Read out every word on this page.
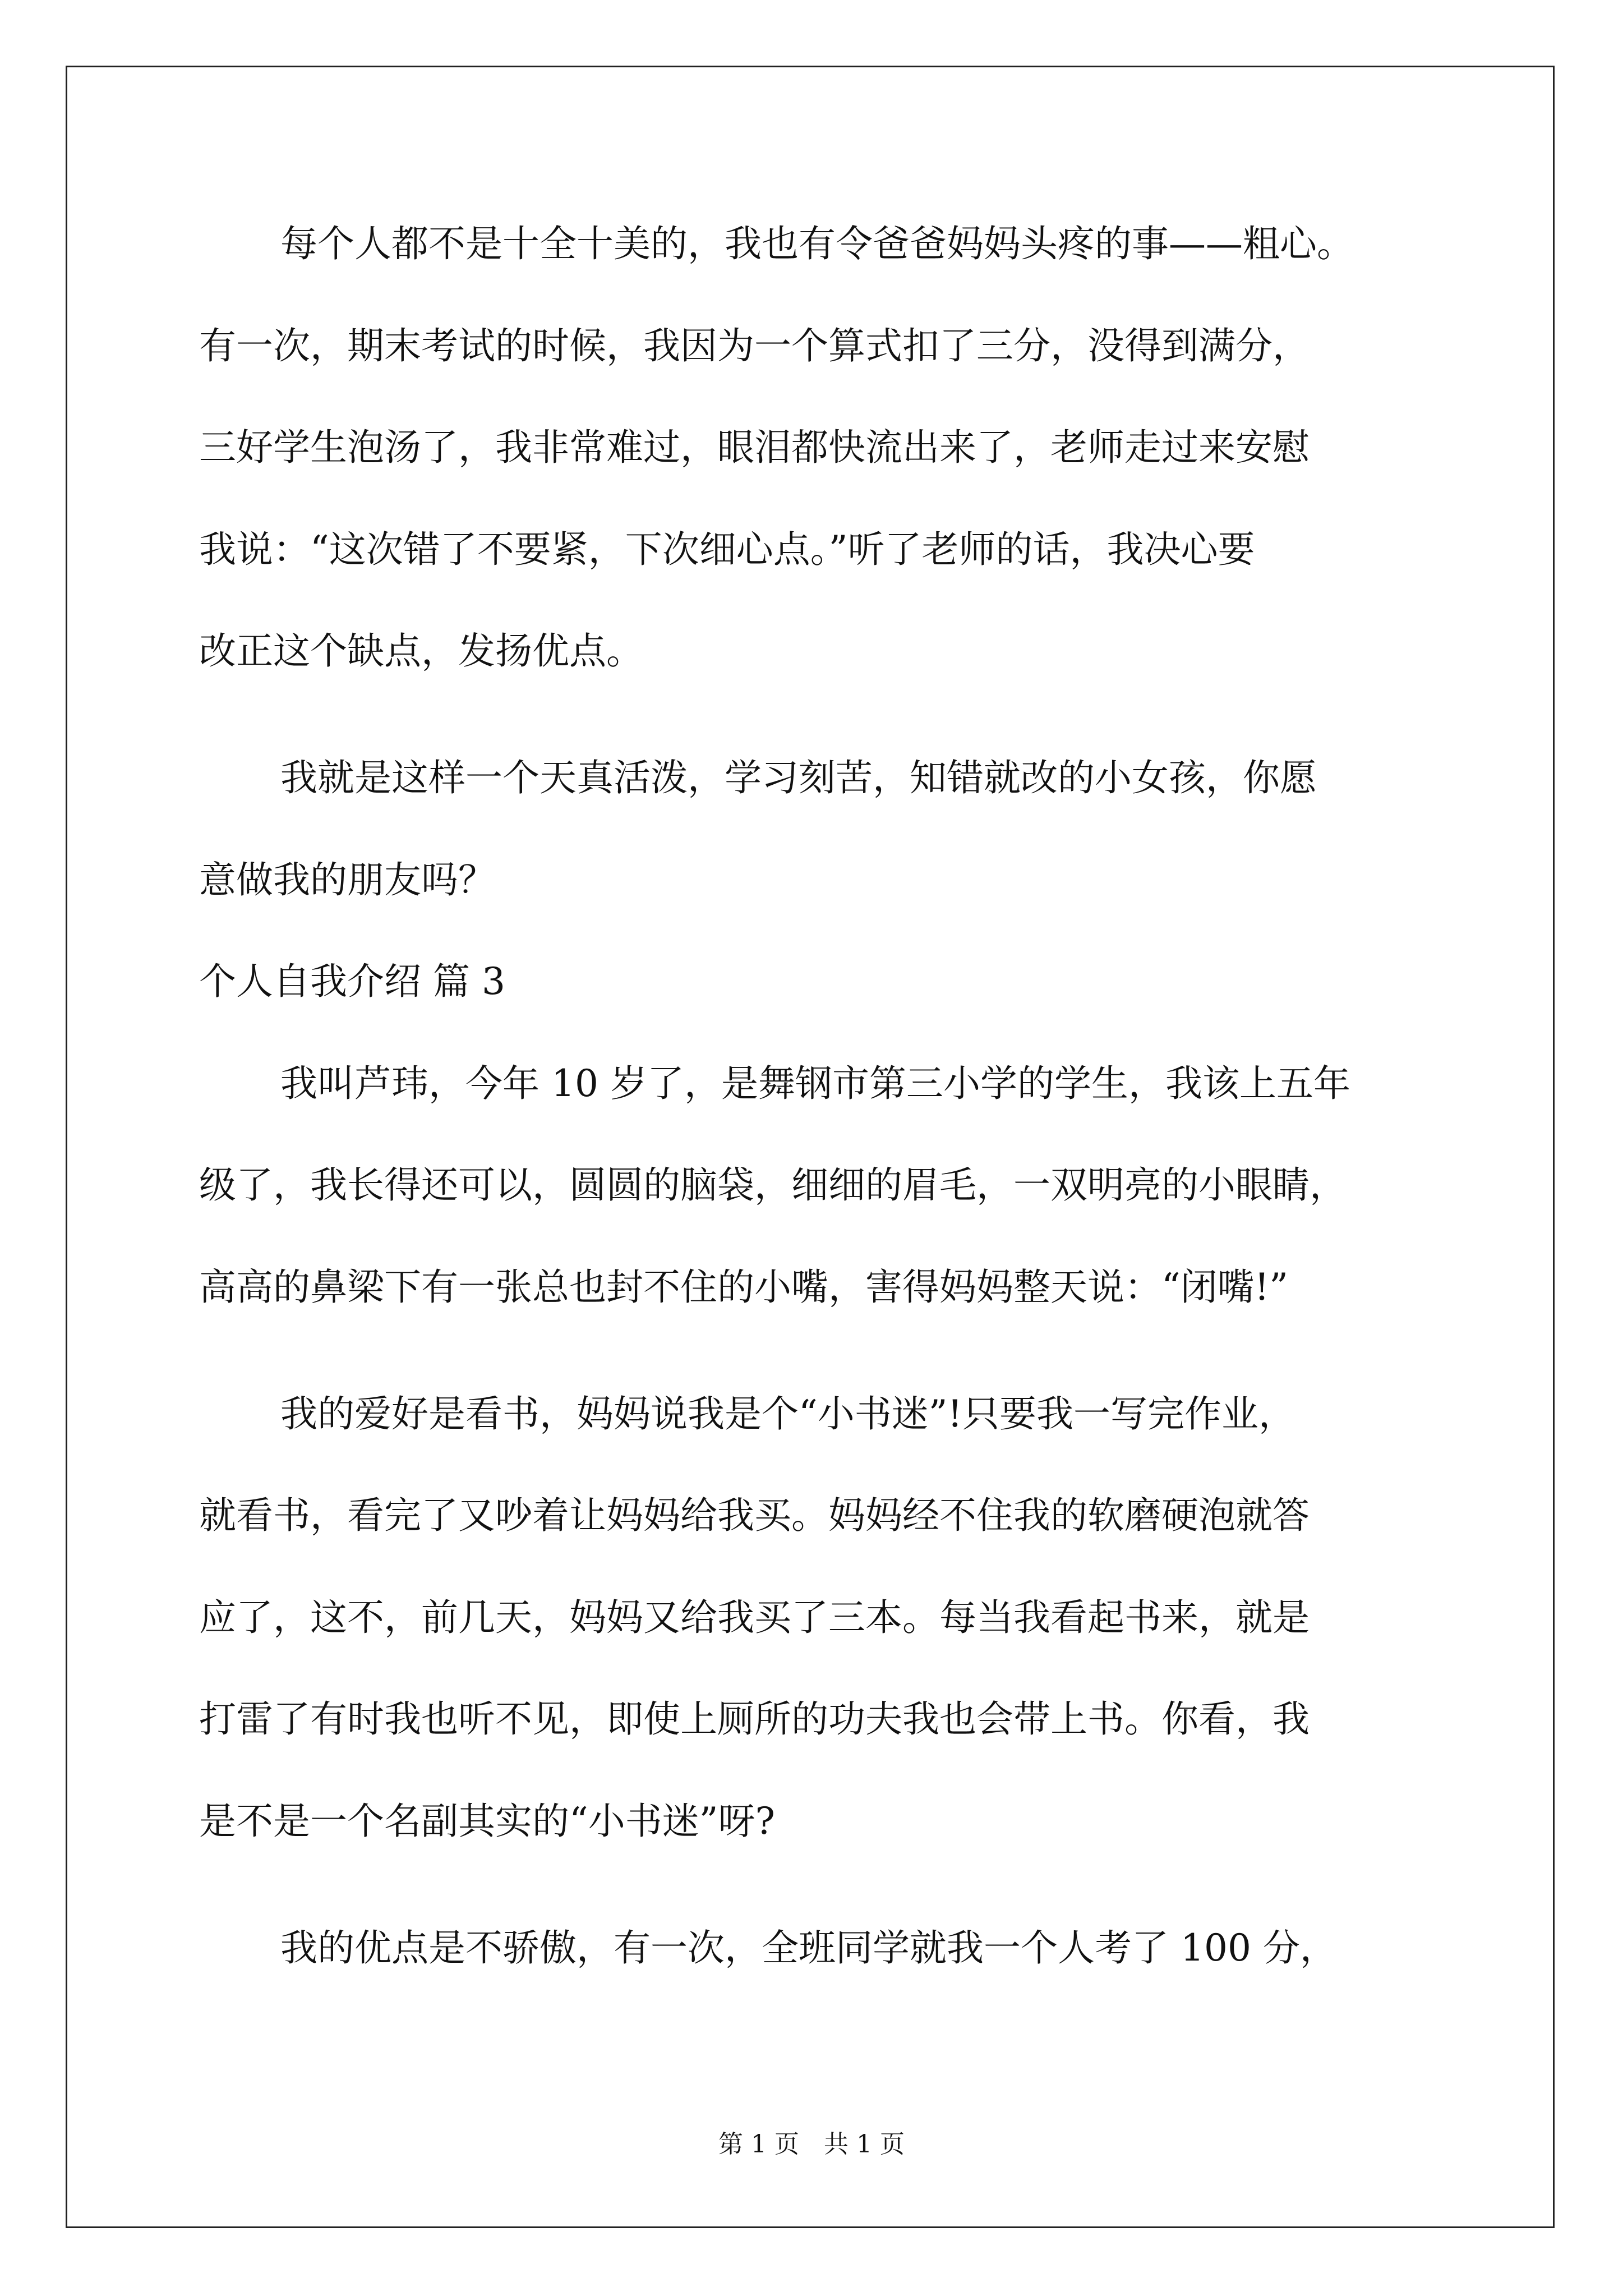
每个人都不是十全十美的，我也有令爸爸妈妈头疼的事——粗心。
有一次，期末考试的时候，我因为一个算式扣了三分，没得到满分，
三好学生泡汤了，我非常难过，眼泪都快流出来了，老师走过来安慰
我说：“这次错了不要紧，下次细心点。”听了老师的话，我决心要
改正这个缺点，发扬优点。
我就是这样一个天真活泼，学习刻苦，知错就改的小女孩，你愿
意做我的朋友吗？
个人自我介绍 篇 3
我叫芦玮，今年 10 岁了，是舞钢市第三小学的学生，我该上五年
级了，我长得还可以，圆圆的脑袋，细细的眉毛，一双明亮的小眼睛，
高高的鼻梁下有一张总也封不住的小嘴，害得妈妈整天说：“闭嘴!”
我的爱好是看书，妈妈说我是个“小书迷”!只要我一写完作业，
就看书，看完了又吵着让妈妈给我买。妈妈经不住我的软磨硬泡就答
应了，这不，前几天，妈妈又给我买了三本。每当我看起书来，就是
打雷了有时我也听不见，即使上厕所的功夫我也会带上书。你看，我
是不是一个名副其实的“小书迷”呀?
我的优点是不骄傲，有一次，全班同学就我一个人考了 100 分，
第 1 页　共 1 页
